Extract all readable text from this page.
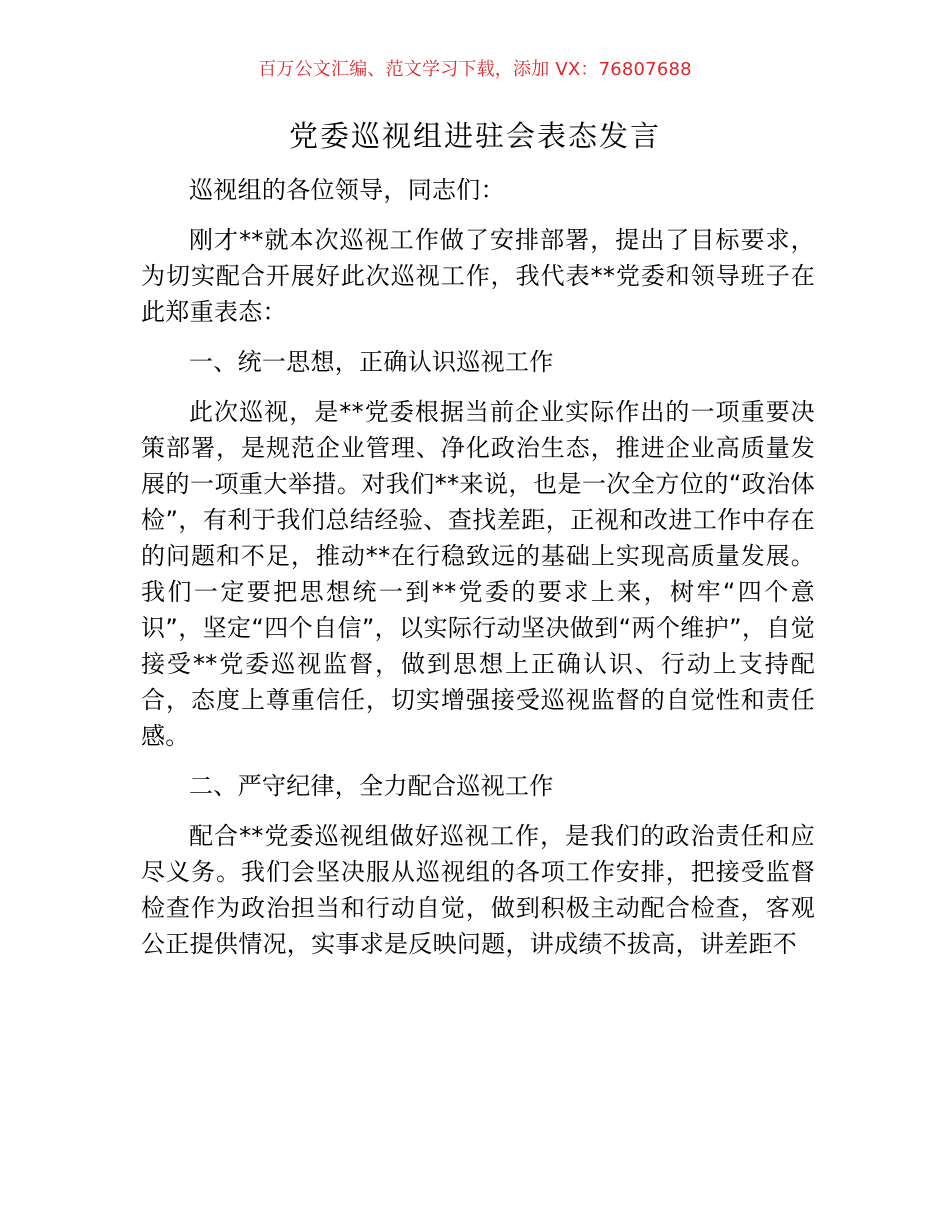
百万公文汇编、范文学习下载，添加 VX：76807688
党委巡视组进驻会表态发言

巡视组的各位领导，同志们：

刚才**就本次巡视工作做了安排部署，提出了目标要求，为切实配合开展好此次巡视工作，我代表**党委和领导班子在此郑重表态：

一、统一思想，正确认识巡视工作

此次巡视，是**党委根据当前企业实际作出的一项重要决策部署，是规范企业管理、净化政治生态，推进企业高质量发展的一项重大举措。对我们**来说，也是一次全方位的“政治体检”，有利于我们总结经验、查找差距，正视和改进工作中存在的问题和不足，推动**在行稳致远的基础上实现高质量发展。我们一定要把思想统一到**党委的要求上来，树牢“四个意识”，坚定“四个自信”，以实际行动坚决做到“两个维护”，自觉接受**党委巡视监督，做到思想上正确认识、行动上支持配合，态度上尊重信任，切实增强接受巡视监督的自觉性和责任感。

二、严守纪律，全力配合巡视工作

配合**党委巡视组做好巡视工作，是我们的政治责任和应尽义务。我们会坚决服从巡视组的各项工作安排，把接受监督检查作为政治担当和行动自觉，做到积极主动配合检查，客观公正提供情况，实事求是反映问题，讲成绩不拔高，讲差距不
